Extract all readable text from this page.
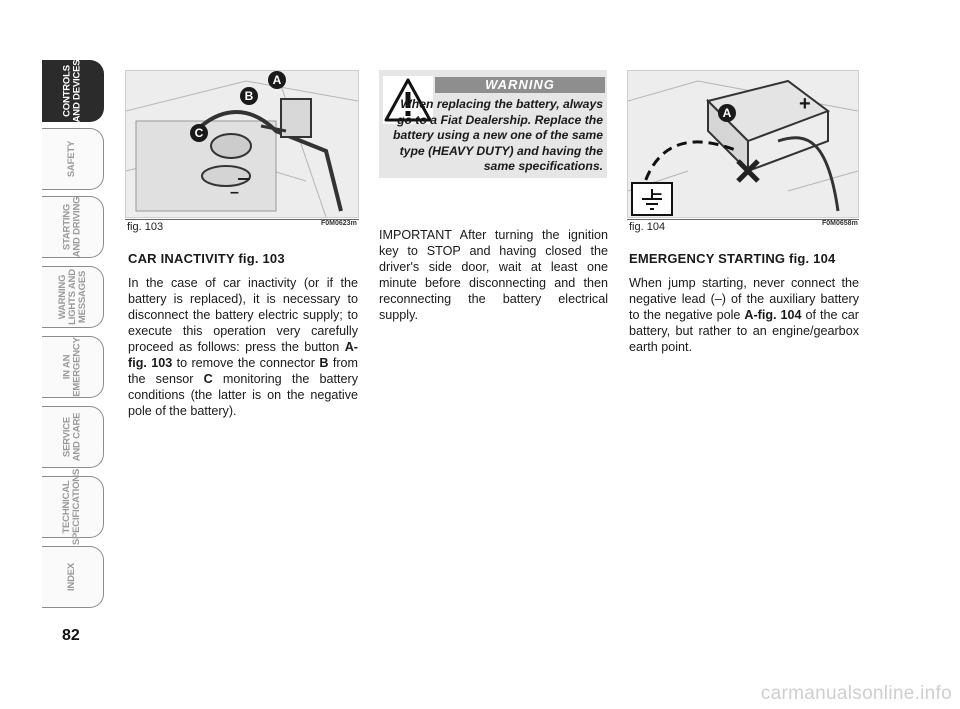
CONTROLS
AND DEVICES
SAFETY
STARTING
AND DRIVING
WARNING
LIGHTS AND
MESSAGES
IN AN
EMERGENCY
SERVICE
AND CARE
TECHNICAL
SPECIFICATIONS
INDEX
82
A
B
C
–
fig. 103	F0M0623m
CAR INACTIVITY fig. 103

In the case of car inactivity (or if the battery is replaced), it is necessary to disconnect the battery electric supply; to execute this operation very carefully proceed as follows: press the button A-fig. 103 to remove the connector B from the sensor C monitoring the battery conditions (the latter is on the negative pole of the battery).

WARNING
When replacing the battery, always go to a Fiat Dealership. Replace the battery using a new one of the same type (HEAVY DUTY) and having the same specifications.

IMPORTANT After turning the ignition key to STOP and having closed the driver's side door, wait at least one minute before disconnecting and then reconnecting the battery electrical supply.

A	+
–
fig. 104	F0M0658m
EMERGENCY STARTING fig. 104

When jump starting, never connect the negative lead (–) of the auxiliary battery to the negative pole A-fig. 104 of the car battery, but rather to an engine/gearbox earth point.

carmanualsonline.info
